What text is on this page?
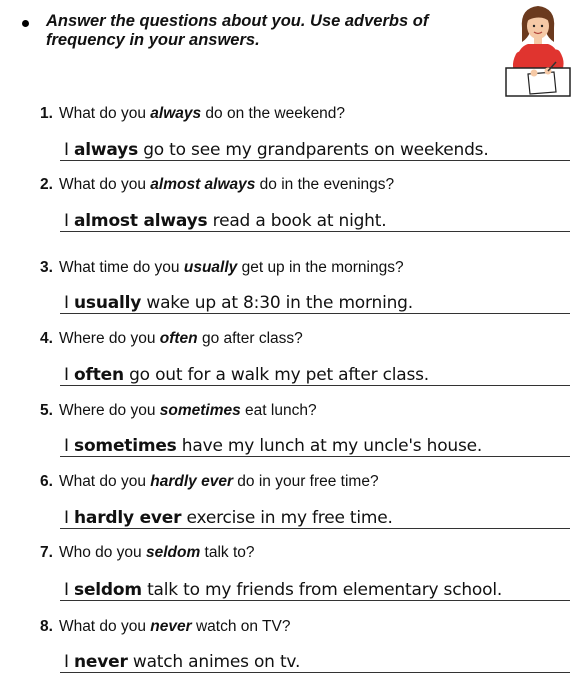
Answer the questions about you. Use adverbs of
frequency in your answers.
1. What do you always do on the weekend?
I always go to see my grandparents on weekends.
2. What do you almost always do in the evenings?
I almost always read a book at night.
3. What time do you usually get up in the mornings?
I usually wake up at 8:30 in the morning.
4. Where do you often go after class?
I often go out for a walk my pet after class.
5. Where do you sometimes eat lunch?
I sometimes have my lunch at my uncle's house.
6. What do you hardly ever do in your free time?
I hardly ever exercise in my free time.
7. Who do you seldom talk to?
I seldom talk to my friends from elementary school.
8. What do you never watch on TV?
I never watch animes on tv.
